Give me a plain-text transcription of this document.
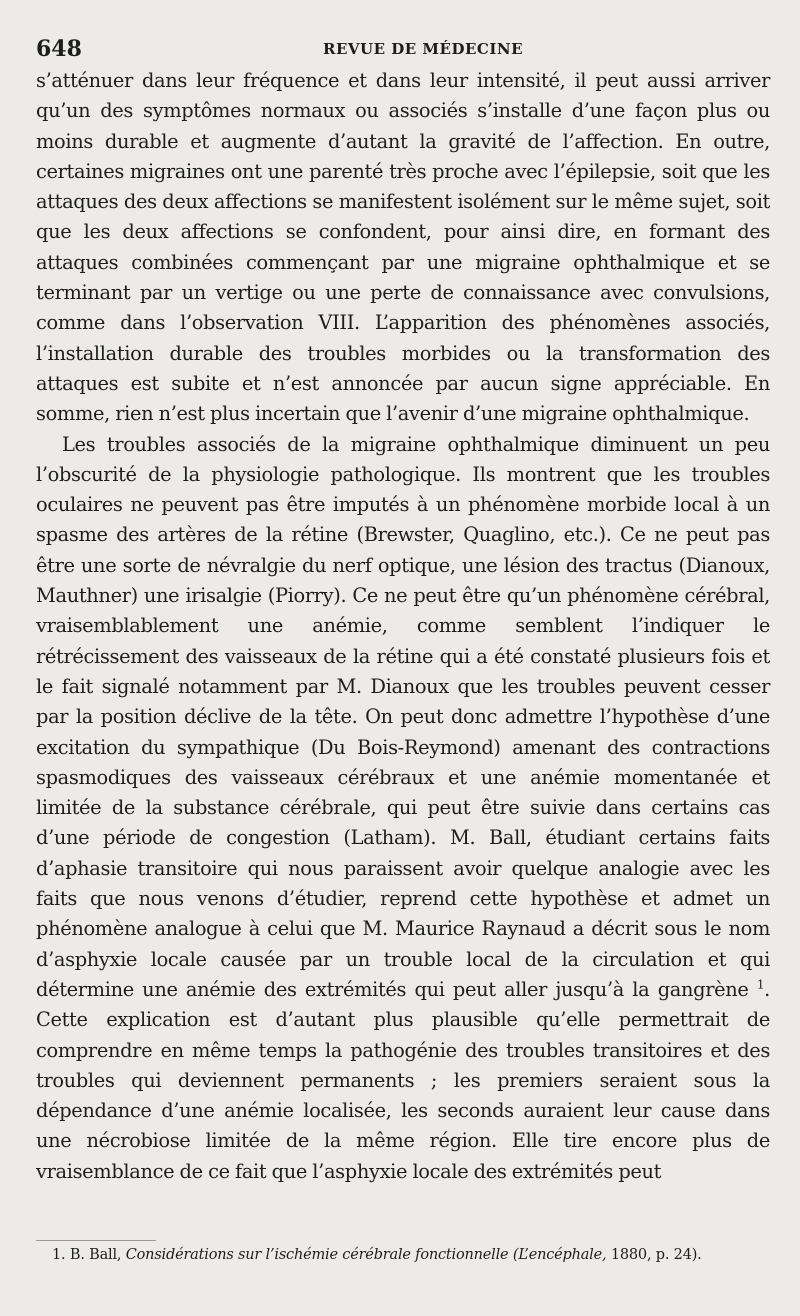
648	REVUE DE MÉDECINE

s’atténuer dans leur fréquence et dans leur intensité, il peut aussi arriver qu’un des symptômes normaux ou associés s’installe d’une façon plus ou moins durable et augmente d’autant la gravité de l’affection. En outre, certaines migraines ont une parenté très proche avec l’épilepsie, soit que les attaques des deux affections se manifestent isolément sur le même sujet, soit que les deux affections se confondent, pour ainsi dire, en formant des attaques combinées commençant par une migraine ophthalmique et se terminant par un vertige ou une perte de connaissance avec convulsions, comme dans l’observation VIII. L’apparition des phénomènes associés, l’installation durable des troubles morbides ou la transformation des attaques est subite et n’est annoncée par aucun signe appréciable. En somme, rien n’est plus incertain que l’avenir d’une migraine ophthalmique.

Les troubles associés de la migraine ophthalmique diminuent un peu l’obscurité de la physiologie pathologique. Ils montrent que les troubles oculaires ne peuvent pas être imputés à un phénomène morbide local à un spasme des artères de la rétine (Brewster, Quaglino, etc.). Ce ne peut pas être une sorte de névralgie du nerf optique, une lésion des tractus (Dianoux, Mauthner) une irisalgie (Piorry). Ce ne peut être qu’un phénomène cérébral, vraisemblablement une anémie, comme semblent l’indiquer le rétrécissement des vaisseaux de la rétine qui a été constaté plusieurs fois et le fait signalé notamment par M. Dianoux que les troubles peuvent cesser par la position déclive de la tête. On peut donc admettre l’hypothèse d’une excitation du sympathique (Du Bois-Reymond) amenant des contractions spasmodiques des vaisseaux cérébraux et une anémie momentanée et limitée de la substance cérébrale, qui peut être suivie dans certains cas d’une période de congestion (Latham). M. Ball, étudiant certains faits d’aphasie transitoire qui nous paraissent avoir quelque analogie avec les faits que nous venons d’étudier, reprend cette hypothèse et admet un phénomène analogue à celui que M. Maurice Raynaud a décrit sous le nom d’asphyxie locale causée par un trouble local de la circulation et qui détermine une anémie des extrémités qui peut aller jusqu’à la gangrène $^1$. Cette explication est d’autant plus plausible qu’elle permettrait de comprendre en même temps la pathogénie des troubles transitoires et des troubles qui deviennent permanents ; les premiers seraient sous la dépendance d’une anémie localisée, les seconds auraient leur cause dans une nécrobiose limitée de la même région. Elle tire encore plus de vraisemblance de ce fait que l’asphyxie locale des extrémités peut

1. B. Ball, Considérations sur l’ischémie cérébrale fonctionnelle (L’encéphale, 1880, p. 24).
